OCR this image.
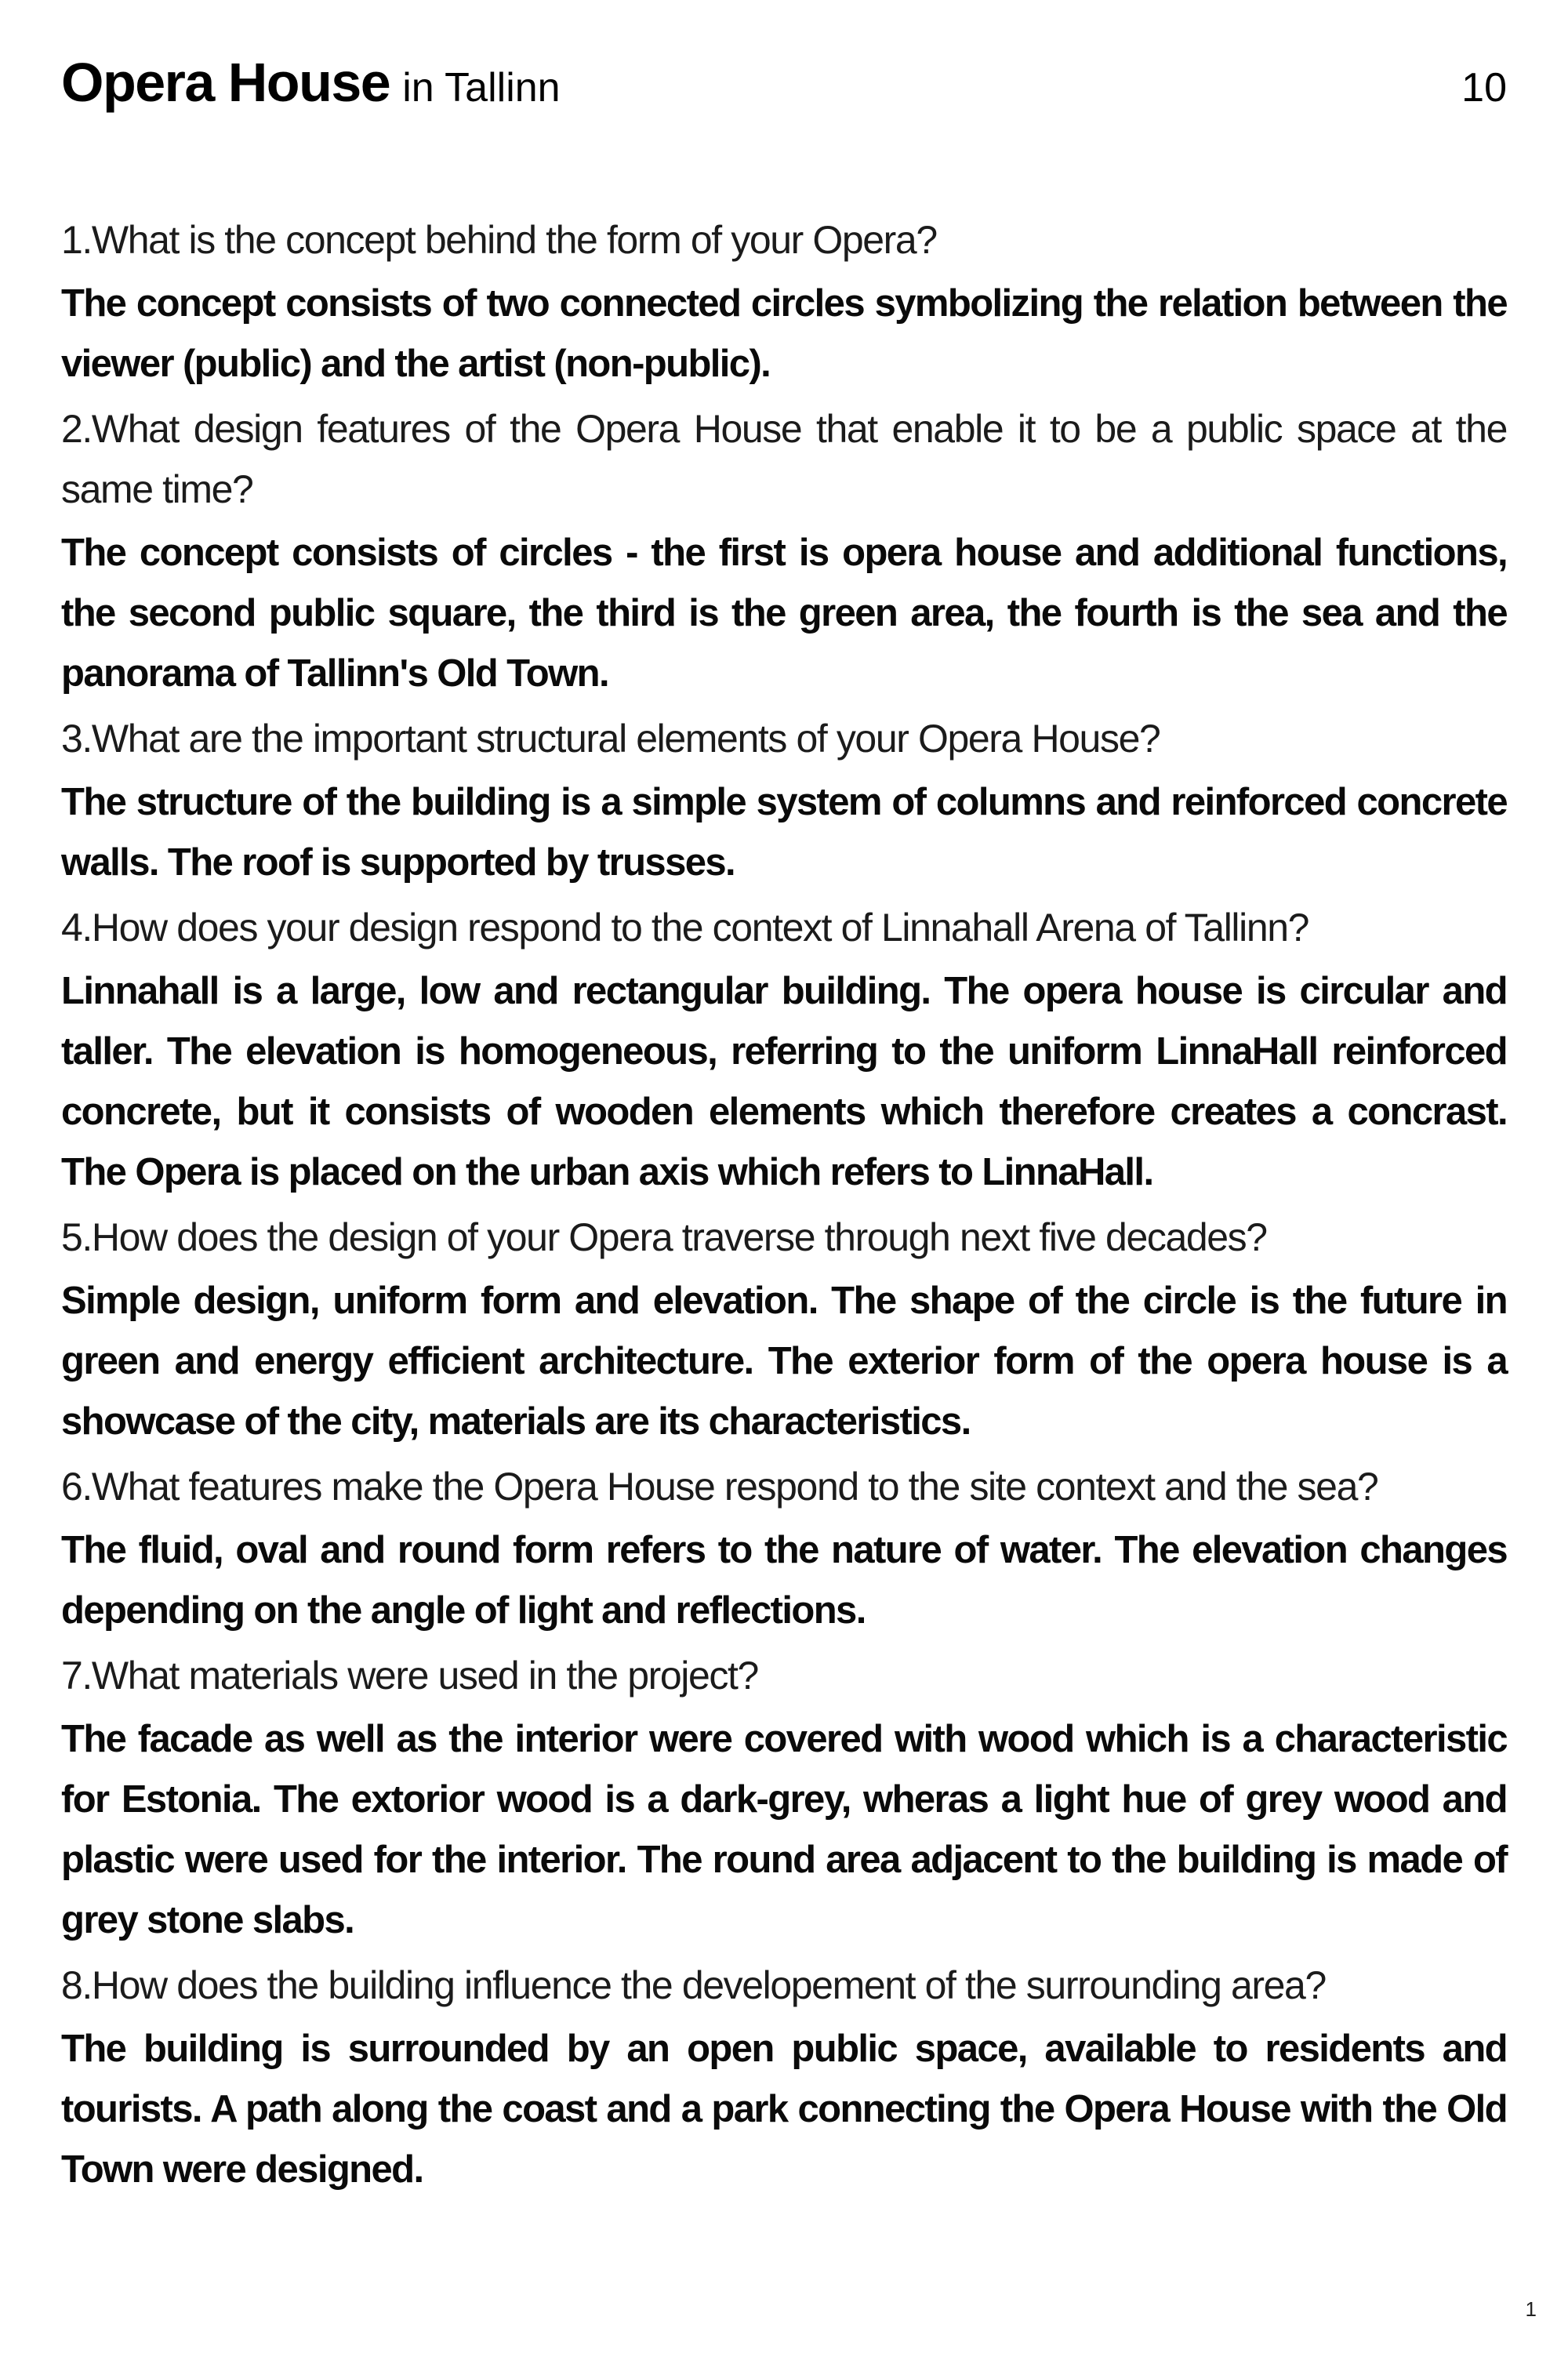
Opera House in Tallinn	10

1.What is the concept behind the form of your Opera?

The concept consists of two connected circles symbolizing the relation between the viewer (public) and the artist (non-public).

2.What design features of the Opera House that enable it to be a public space at the same time?

The concept consists of circles - the first is opera house and additional functions, the second public square, the third is the green area, the fourth is the sea and the panorama of Tallinn's Old Town.

3.What are the important structural elements of your Opera House?

The structure of the building is a simple system of columns and reinforced concrete walls. The roof is supported by trusses.

4.How does your design respond to the context of Linnahall Arena of Tallinn?

Linnahall is a large, low and rectangular building. The opera house is circular and taller. The elevation is homogeneous, referring to the uniform LinnaHall reinforced concrete, but it consists of wooden elements which therefore creates a concrast. The Opera is placed on the urban axis which refers to LinnaHall.

5.How does the design of your Opera traverse through next five decades?

Simple design, uniform form and elevation. The shape of the circle is the future in green and energy efficient architecture. The exterior form of the opera house is a showcase of the city, materials are its characteristics.

6.What features make the Opera House respond to the site context and the sea?

The fluid, oval and round form refers to the nature of water. The elevation changes depending on the angle of light and reflections.

7.What materials were used in the project?

The facade as well as the interior were covered with wood which is a characteristic for Estonia. The extorior wood is a dark-grey, wheras a light hue of grey wood and plastic were used for the interior. The round area adjacent to the building is made of grey stone slabs.

8.How does the building influence the developement of the surrounding area?

The building is surrounded by an open public space, available to residents and tourists. A path along the coast and a park connecting the Opera House with the Old Town were designed.

1
